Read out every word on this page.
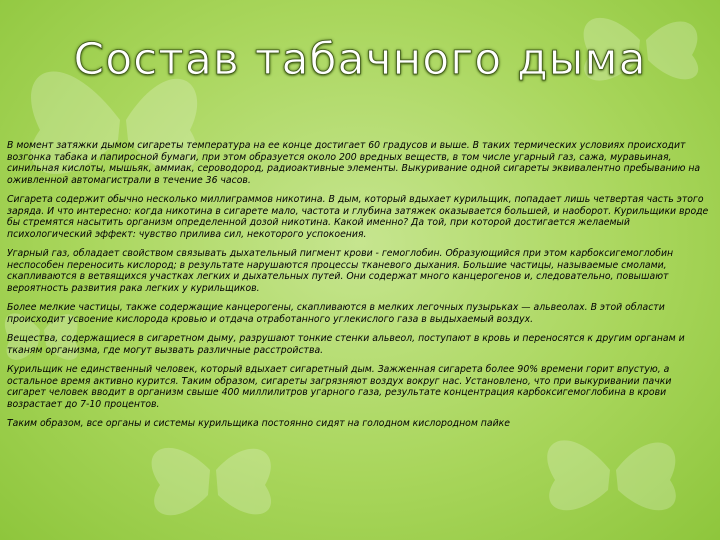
Состав табачного дыма

В момент затяжки дымом сигареты температура на ее конце достигает 60 градусов и выше. В таких термических условиях происходит возгонка табака и папиросной бумаги, при этом образуется около 200 вредных веществ, в том числе угарный газ, сажа, муравьиная, синильная кислоты, мышьяк, аммиак, сероводород, радиоактивные элементы. Выкуривание одной сигареты эквивалентно пребыванию на оживленной автомагистрали в течение 36 часов.

Сигарета содержит обычно несколько миллиграммов никотина. В дым, который вдыхает курильщик, попадает лишь четвертая часть этого заряда. И что интересно: когда никотина в сигарете мало, частота и глубина затяжек оказывается большей, и наоборот. Курильщики вроде бы стремятся насытить организм определенной дозой никотина. Какой именно? Да той, при которой достигается желаемый психологический эффект: чувство прилива сил, некоторого успокоения.

Угарный газ, обладает свойством связывать дыхательный пигмент крови - гемоглобин. Образующийся при этом карбоксигемоглобин неспособен переносить кислород; в результате нарушаются процессы тканевого дыхания. Большие частицы, называемые смолами, скапливаются в ветвящихся участках легких и дыхательных путей. Они содержат много канцерогенов и, следовательно, повышают вероятность развития рака легких у курильщиков.

Более мелкие частицы, также содержащие канцерогены, скапливаются в мелких легочных пузырьках — альвеолах. В этой области происходит усвоение кислорода кровью и отдача отработанного углекислого газа в выдыхаемый воздух.

Вещества, содержащиеся в сигаретном дыму, разрушают тонкие стенки альвеол, поступают в кровь и переносятся к другим органам и тканям организма, где могут вызвать различные расстройства.

Курильщик не единственный человек, который вдыхает сигаретный дым. Зажженная сигарета более 90% времени горит впустую, а остальное время активно курится. Таким образом, сигареты загрязняют воздух вокруг нас. Установлено, что при выкуривании пачки сигарет человек вводит в организм свыше 400 миллилитров угарного газа, результате концентрация карбоксигемоглобина в крови возрастает до 7-10 процентов.

Таким образом, все органы и системы курильщика постоянно сидят на голодном кислородном пайке
